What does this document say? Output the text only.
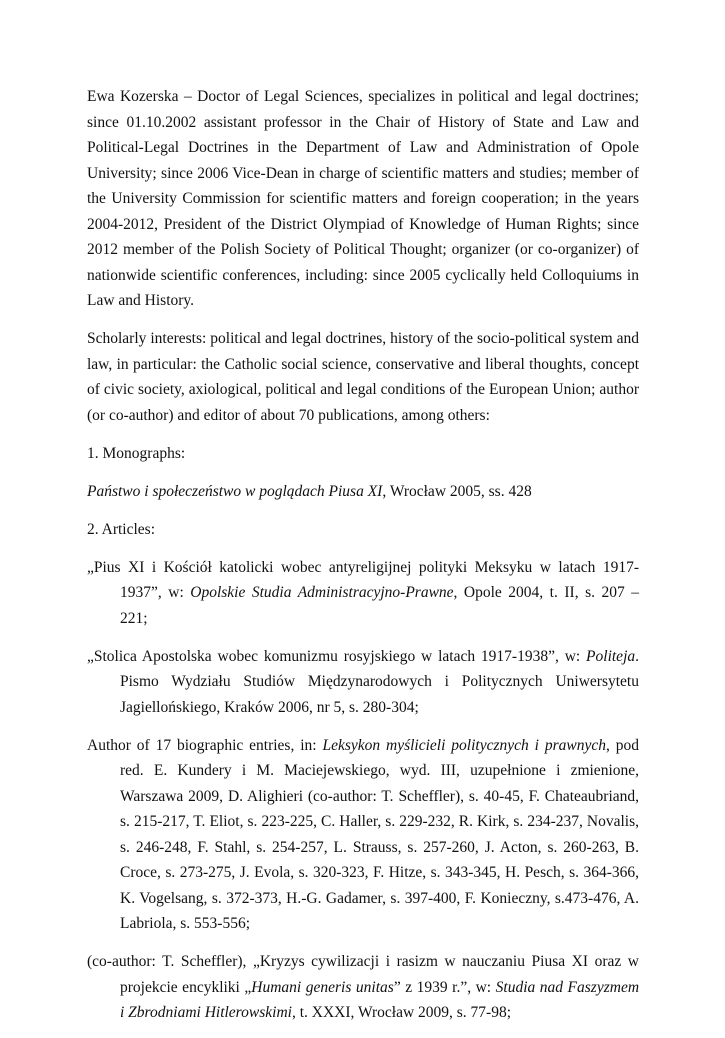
Ewa Kozerska – Doctor of Legal Sciences, specializes in political and legal doctrines; since 01.10.2002 assistant professor in the Chair of History of State and Law and Political-Legal Doctrines in the Department of Law and Administration of Opole University; since 2006 Vice-Dean in charge of scientific matters and studies; member of the University Commission for scientific matters and foreign cooperation; in the years 2004-2012, President of the District Olympiad of Knowledge of Human Rights; since 2012 member of the Polish Society of Political Thought; organizer (or co-organizer) of nationwide scientific conferences, including: since 2005 cyclically held Colloquiums in Law and History.

Scholarly interests: political and legal doctrines, history of the socio-political system and law, in particular: the Catholic social science, conservative and liberal thoughts, concept of civic society, axiological, political and legal conditions of the European Union; author (or co-author) and editor of about 70 publications, among others:

1. Monographs:

Państwo i społeczeństwo w poglądach Piusa XI, Wrocław 2005, ss. 428

2. Articles:

„Pius XI i Kościół katolicki wobec antyreligijnej polityki Meksyku w latach 1917-1937”, w: Opolskie Studia Administracyjno-Prawne, Opole 2004, t. II, s. 207 – 221;

„Stolica Apostolska wobec komunizmu rosyjskiego w latach 1917-1938”, w: Politeja. Pismo Wydziału Studiów Międzynarodowych i Politycznych Uniwersytetu Jagiellońskiego, Kraków 2006, nr 5, s. 280-304;

Author of 17 biographic entries, in: Leksykon myślicieli politycznych i prawnych, pod red. E. Kundery i M. Maciejewskiego, wyd. III, uzupełnione i zmienione, Warszawa 2009, D. Alighieri (co-author: T. Scheffler), s. 40-45, F. Chateaubriand, s. 215-217, T. Eliot, s. 223-225, C. Haller, s. 229-232, R. Kirk, s. 234-237, Novalis, s. 246-248, F. Stahl, s. 254-257, L. Strauss, s. 257-260, J. Acton, s. 260-263, B. Croce, s. 273-275, J. Evola, s. 320-323, F. Hitze, s. 343-345, H. Pesch, s. 364-366, K. Vogelsang, s. 372-373, H.-G. Gadamer, s. 397-400, F. Konieczny, s.473-476, A. Labriola, s. 553-556;

(co-author: T. Scheffler), „Kryzys cywilizacji i rasizm w nauczaniu Piusa XI oraz w projekcie encykliki „Humani generis unitas” z 1939 r.”, w: Studia nad Faszyzmem i Zbrodniami Hitlerowskimi, t. XXXI, Wrocław 2009, s. 77-98;
